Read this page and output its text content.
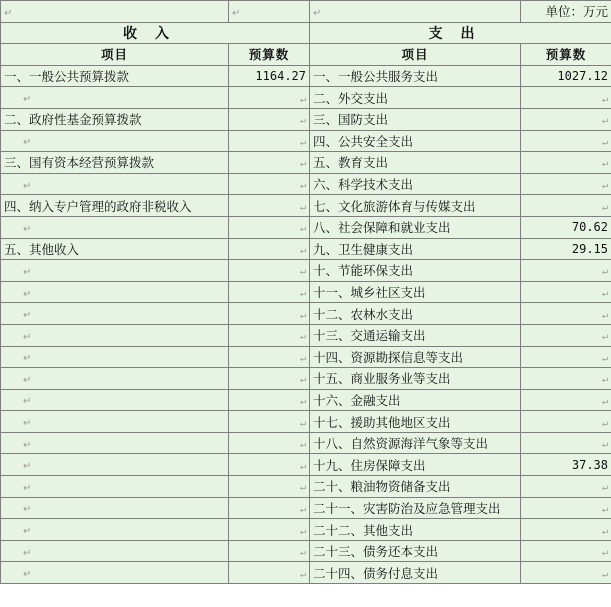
↵	↵	↵	单位：万元
收入		支出	
项目	预算数	项目	预算数
一、一般公共预算拨款	1164.27	一、一般公共服务支出	1027.12
↵	↵	二、外交支出	↵
二、政府性基金预算拨款	↵	三、国防支出	↵
↵	↵	四、公共安全支出	↵
三、国有资本经营预算拨款	↵	五、教育支出	↵
↵	↵	六、科学技术支出	↵
四、纳入专户管理的政府非税收入	↵	七、文化旅游体育与传媒支出	↵
↵	↵	八、社会保障和就业支出	70.62
五、其他收入	↵	九、卫生健康支出	29.15
↵	↵	十、节能环保支出	↵
↵	↵	十一、城乡社区支出	↵
↵	↵	十二、农林水支出	↵
↵	↵	十三、交通运输支出	↵
↵	↵	十四、资源勘探信息等支出	↵
↵	↵	十五、商业服务业等支出	↵
↵	↵	十六、金融支出	↵
↵	↵	十七、援助其他地区支出	↵
↵	↵	十八、自然资源海洋气象等支出	↵
↵	↵	十九、住房保障支出	37.38
↵	↵	二十、粮油物资储备支出	↵
↵	↵	二十一、灾害防治及应急管理支出	↵
↵	↵	二十二、其他支出	↵
↵	↵	二十三、债务还本支出	↵
↵	↵	二十四、债务付息支出	↵
